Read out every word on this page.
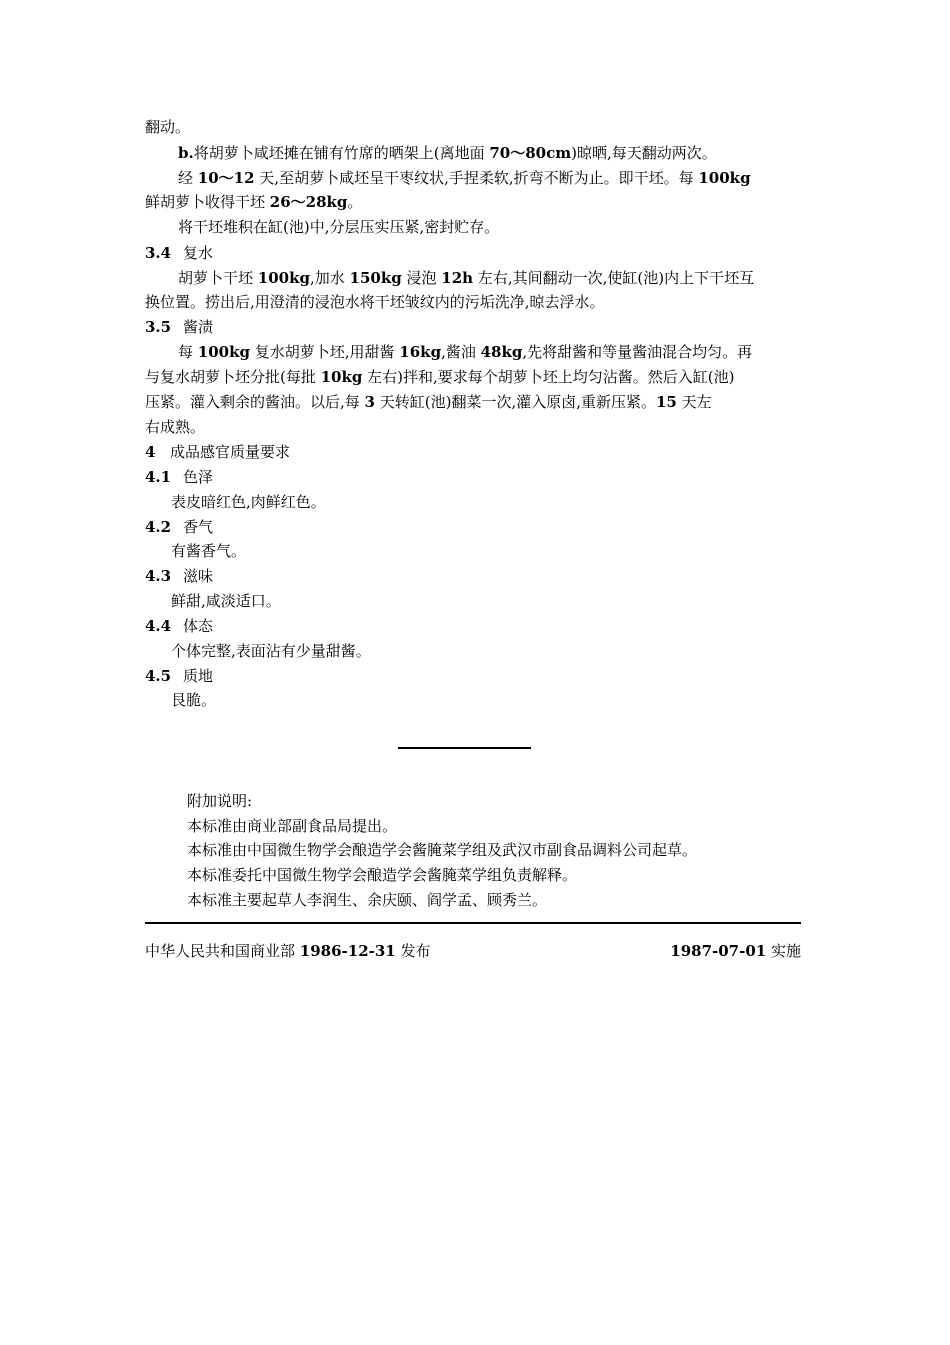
翻动。
b.将胡萝卜咸坯摊在铺有竹席的晒架上(离地面 70～80cm)晾晒,每天翻动两次。
经 10～12 天,至胡萝卜咸坯呈干枣纹状,手捏柔软,折弯不断为止。即干坯。每 100kg
鲜胡萝卜收得干坯 26～28kg。
将干坯堆积在缸(池)中,分层压实压紧,密封贮存。
3.4 复水
胡萝卜干坯 100kg,加水 150kg 浸泡 12h 左右,其间翻动一次,使缸(池)内上下干坯互
换位置。捞出后,用澄清的浸泡水将干坯皱纹内的污垢洗净,晾去浮水。
3.5 酱渍
每 100kg 复水胡萝卜坯,用甜酱 16kg,酱油 48kg,先将甜酱和等量酱油混合均匀。再
与复水胡萝卜坯分批(每批 10kg 左右)拌和,要求每个胡萝卜坯上均匀沾酱。然后入缸(池)
压紧。灌入剩余的酱油。以后,每 3 天转缸(池)翻菜一次,灌入原卤,重新压紧。15 天左
右成熟。
4 成品感官质量要求
4.1 色泽
表皮暗红色,肉鲜红色。
4.2 香气
有酱香气。
4.3 滋味
鲜甜,咸淡适口。
4.4 体态
个体完整,表面沾有少量甜酱。
4.5 质地
艮脆。
附加说明:
本标准由商业部副食品局提出。
本标准由中国微生物学会酿造学会酱腌菜学组及武汉市副食品调料公司起草。
本标准委托中国微生物学会酿造学会酱腌菜学组负责解释。
本标准主要起草人李润生、余庆颐、阎学孟、顾秀兰。
中华人民共和国商业部 1986-12-31 发布	1987-07-01 实施
